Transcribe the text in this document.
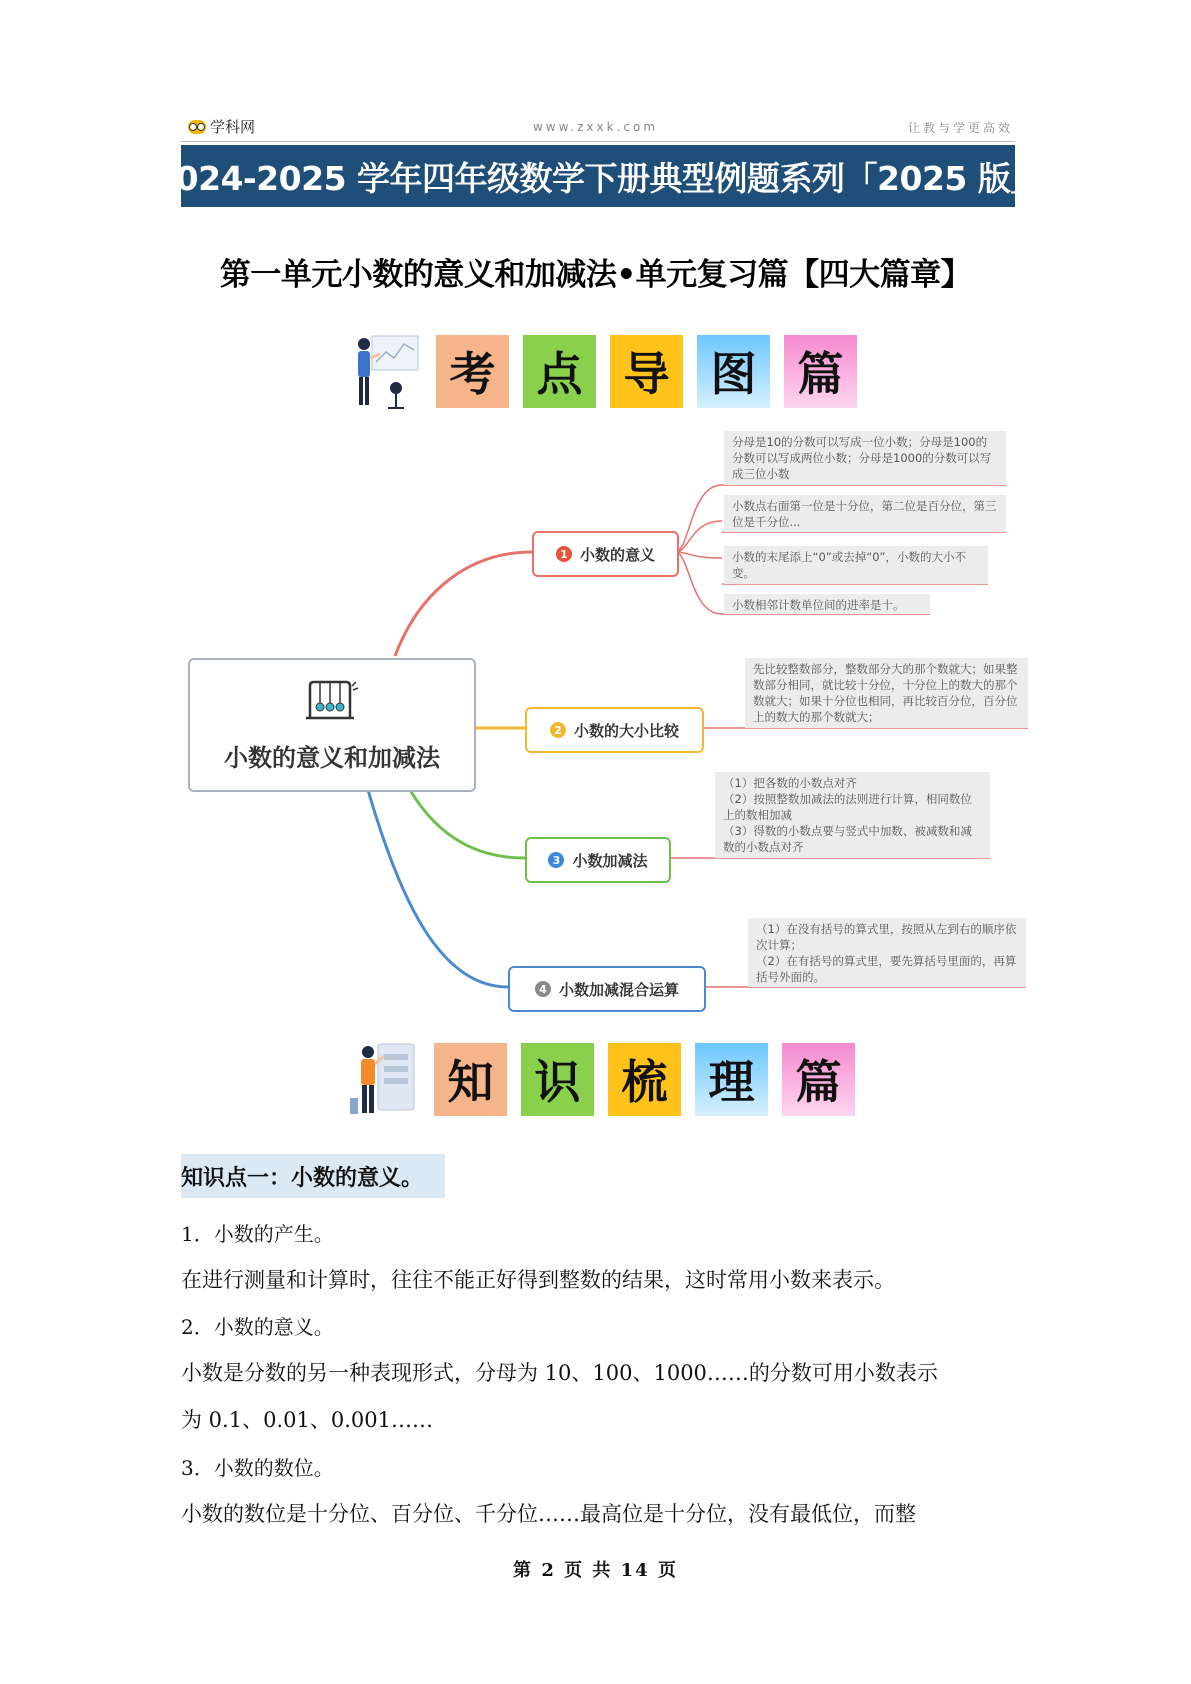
学科网	www.zxxk.com	让教与学更高效
2024-2025 学年四年级数学下册典型例题系列「2025 版」
第一单元小数的意义和加减法•单元复习篇【四大篇章】
考 点 导 图 篇
小数的意义和加减法
1 小数的意义
2 小数的大小比较
3 小数加减法
4 小数加减混合运算
分母是10的分数可以写成一位小数；分母是100的分数可以写成两位小数；分母是1000的分数可以写成三位小数
小数点右面第一位是十分位，第二位是百分位，第三位是千分位...
小数的末尾添上“0”或去掉“0”，小数的大小不变。
小数相邻计数单位间的进率是十。
先比较整数部分，整数部分大的那个数就大；如果整数部分相同，就比较十分位，十分位上的数大的那个数就大；如果十分位也相同，再比较百分位，百分位上的数大的那个数就大；
（1）把各数的小数点对齐
（2）按照整数加减法的法则进行计算，相同数位上的数相加减
（3）得数的小数点要与竖式中加数、被减数和减数的小数点对齐
（1）在没有括号的算式里，按照从左到右的顺序依次计算；
（2）在有括号的算式里，要先算括号里面的，再算括号外面的。
知 识 梳 理 篇
知识点一：小数的意义。
1．小数的产生。
在进行测量和计算时，往往不能正好得到整数的结果，这时常用小数来表示。
2．小数的意义。
小数是分数的另一种表现形式，分母为 10、100、1000……的分数可用小数表示
为 0.1、0.01、0.001……
3．小数的数位。
小数的数位是十分位、百分位、千分位……最高位是十分位，没有最低位，而整
第 2 页 共 14 页
